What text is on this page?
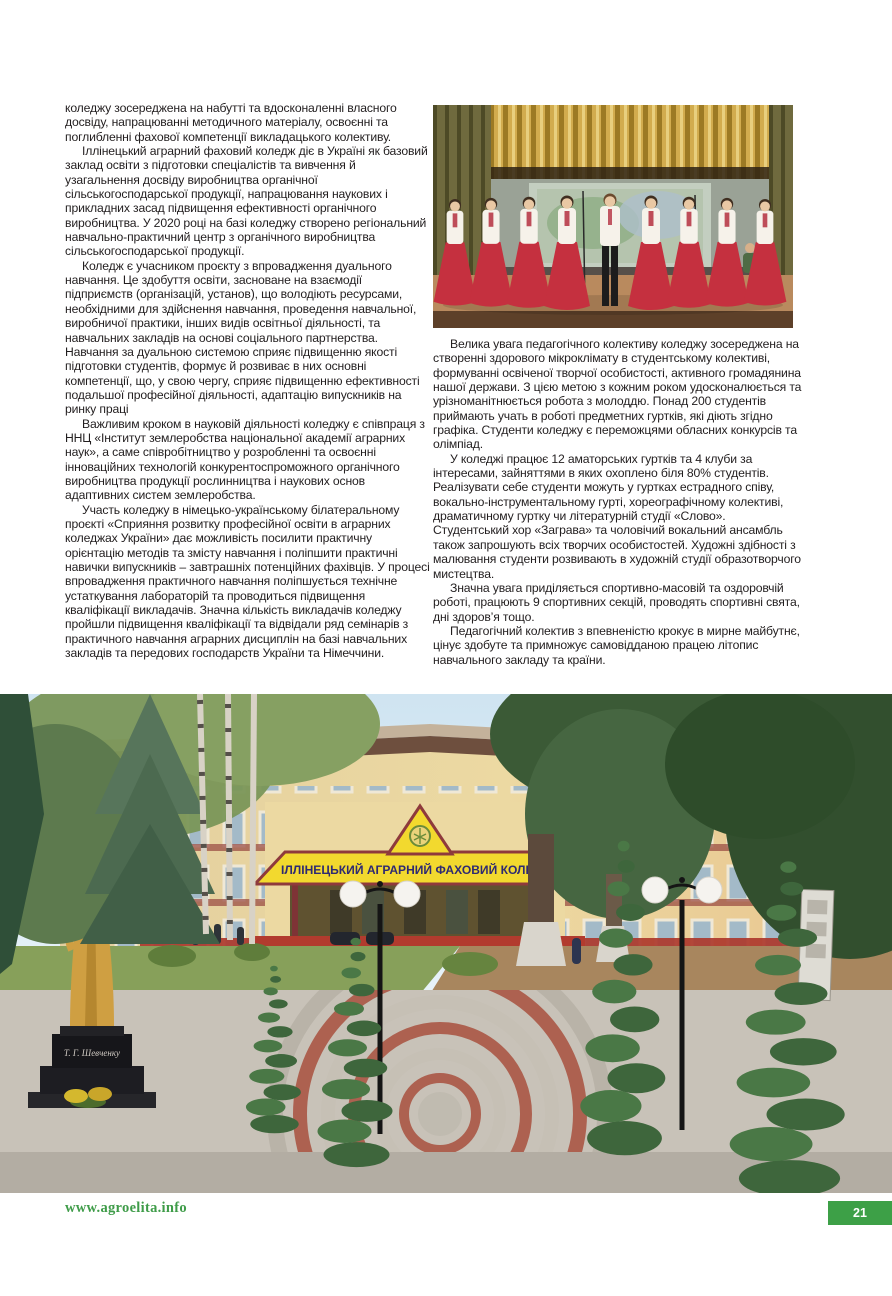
коледжу зосереджена на набутті та вдосконаленні власного досвіду, напрацюванні методичного матеріалу, освоєнні та поглибленні фахової компетенції викладацького колективу.

Іллінецький аграрний фаховий коледж діє в Україні як базовий заклад освіти з підготовки спеціалістів та вивчення й узагальнення досвіду виробництва органічної сільськогосподарської продукції, напрацювання наукових і прикладних засад підвищення ефективності органічного виробництва. У 2020 році на базі коледжу створено регіональний навчально-практичний центр з органічного виробництва сільськогосподарської продукції.

Коледж є учасником проєкту з впровадження дуального навчання. Це здобуття освіти, засноване на взаємодії підприємств (організацій, установ), що володіють ресурсами, необхідними для здійснення навчання, проведення навчальної, виробничої практики, інших видів освітньої діяльності, та навчальних закладів на основі соціального партнерства. Навчання за дуальною системою сприяє підвищенню якості підготовки студентів, формує й розвиває в них основні компетенції, що, у свою чергу, сприяє підвищенню ефективності подальшої професійної діяльності, адаптацію випускників на ринку праці

Важливим кроком в науковій діяльності коледжу є співпраця з ННЦ «Інститут землеробства національної академії аграрних наук», а саме співробітництво у розробленні та освоєнні інноваційних технологій конкурентоспроможного органічного виробництва продукції рослинництва і наукових основ адаптивних систем землеробства.

Участь коледжу в німецько-українському білатеральному проєкті «Сприяння розвитку професійної освіти в аграрних коледжах України» дає можливість посилити практичну орієнтацію методів та змісту навчання і поліпшити практичні навички випускників – завтрашніх потенційних фахівців. У процесі впровадження практичного навчання поліпшується технічне устаткування лабораторій та проводиться підвищення кваліфікації викладачів. Значна кількість викладачів коледжу пройшли підвищення кваліфікації та відвідали ряд семінарів з практичного навчання аграрних дисциплін на базі навчальних закладів та передових господарств України та Німеччини.

Велика увага педагогічного колективу коледжу зосереджена на створенні здорового мікроклімату в студентському колективі, формуванні освіченої творчої особистості, активного громадянина нашої держави. З цією метою з кожним роком удосконалюється та урізноманітнюється робота з молоддю. Понад 200 студентів приймають учать в роботі предметних гуртків, які діють згідно графіка. Студенти коледжу є переможцями обласних конкурсів та олімпіад.

У коледжі працює 12 аматорських гуртків та 4 клуби за інтересами, зайняттями в яких охоплено біля 80% студентів. Реалізувати себе студенти можуть у гуртках естрадного співу, вокально-інструментальному гурті, хореографічному колективі, драматичному гуртку чи літературній студії «Слово». Студентський хор «Заграва» та чоловічий вокальний ансамбль також запрошують всіх творчих особистостей. Художні здібності з малювання студенти розвивають в художній студії образотворчого мистецтва.

Значна увага приділяється спортивно-масовій та оздоровчій роботі, працюють 9 спортивних секцій, проводять спортивні свята, дні здоров’я тощо.

Педагогічний колектив з впевненістю крокує в мирне майбутнє, цінує здобуте та примножує самовідданою працею літопис навчального закладу та країни.

ІЛЛІНЕЦЬКИЙ АГРАРНИЙ ФАХОВИЙ КОЛЕДЖ
Т. Г. Шевченку
www.agroelita.info	21
